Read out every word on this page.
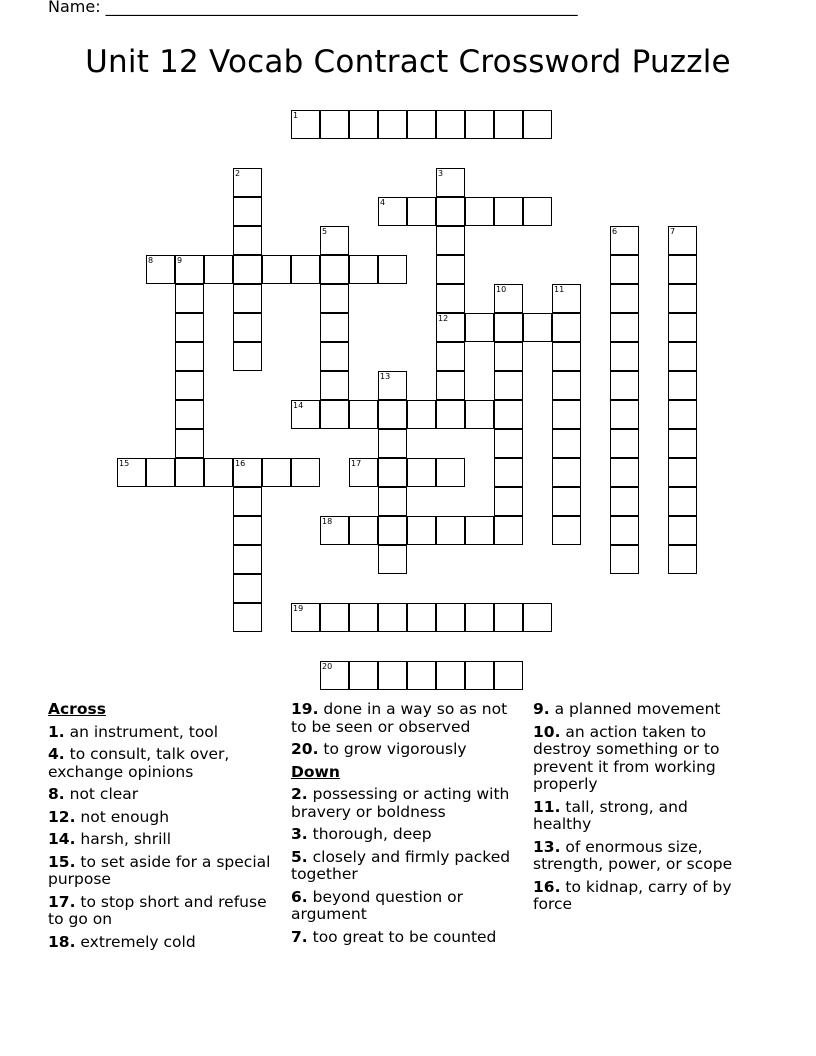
Name: ___________________________________________________________
Unit 12 Vocab Contract Crossword Puzzle
1
2	3
4
5	6	7
8	9
10	11
12
13
14
15	16	17
18
19
20
Across
1. an instrument, tool
4. to consult, talk over, exchange opinions
8. not clear
12. not enough
14. harsh, shrill
15. to set aside for a special purpose
17. to stop short and refuse to go on
18. extremely cold
19. done in a way so as not to be seen or observed
20. to grow vigorously
Down
2. possessing or acting with bravery or boldness
3. thorough, deep
5. closely and firmly packed together
6. beyond question or argument
7. too great to be counted
9. a planned movement
10. an action taken to destroy something or to prevent it from working properly
11. tall, strong, and healthy
13. of enormous size, strength, power, or scope
16. to kidnap, carry of by force
